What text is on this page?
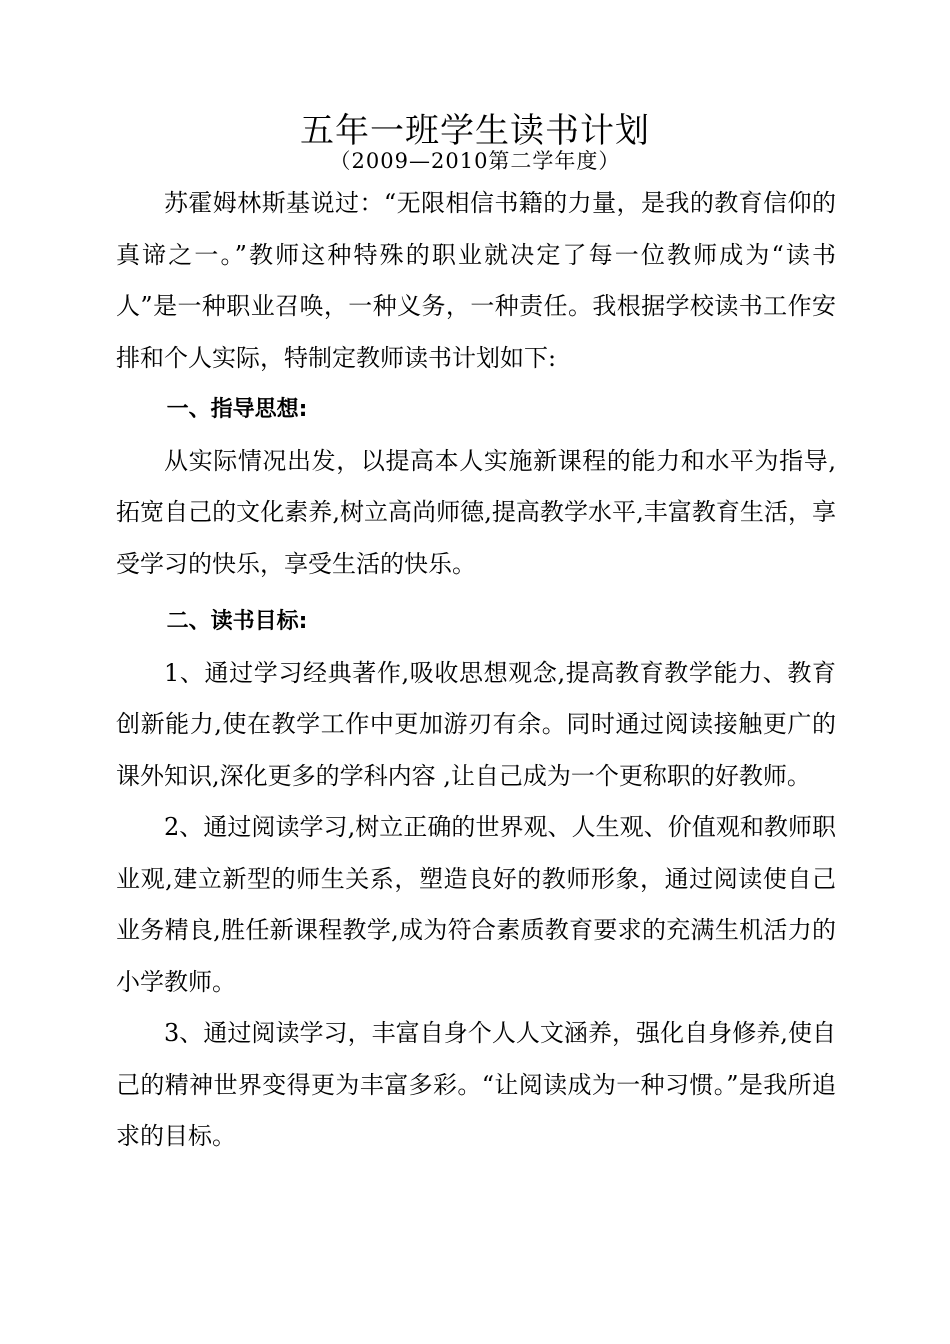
五年一班学生读书计划
（2009—2010第二学年度）

苏霍姆林斯基说过：“无限相信书籍的力量，是我的教育信仰的真谛之一。”教师这种特殊的职业就决定了每一位教师成为“读书人”是一种职业召唤，一种义务，一种责任。我根据学校读书工作安排和个人实际，特制定教师读书计划如下:

一、指导思想:

从实际情况出发，以提高本人实施新课程的能力和水平为指导,拓宽自己的文化素养,树立高尚师德,提高教学水平,丰富教育生活，享受学习的快乐，享受生活的快乐。

二、读书目标:

1、通过学习经典著作,吸收思想观念,提高教育教学能力、教育创新能力,使在教学工作中更加游刃有余。同时通过阅读接触更广的课外知识,深化更多的学科内容 ,让自己成为一个更称职的好教师。

2、通过阅读学习,树立正确的世界观、人生观、价值观和教师职业观,建立新型的师生关系，塑造良好的教师形象，通过阅读使自己业务精良,胜任新课程教学,成为符合素质教育要求的充满生机活力的小学教师。

3、通过阅读学习，丰富自身个人人文涵养，强化自身修养,使自己的精神世界变得更为丰富多彩。“让阅读成为一种习惯。”是我所追求的目标。
